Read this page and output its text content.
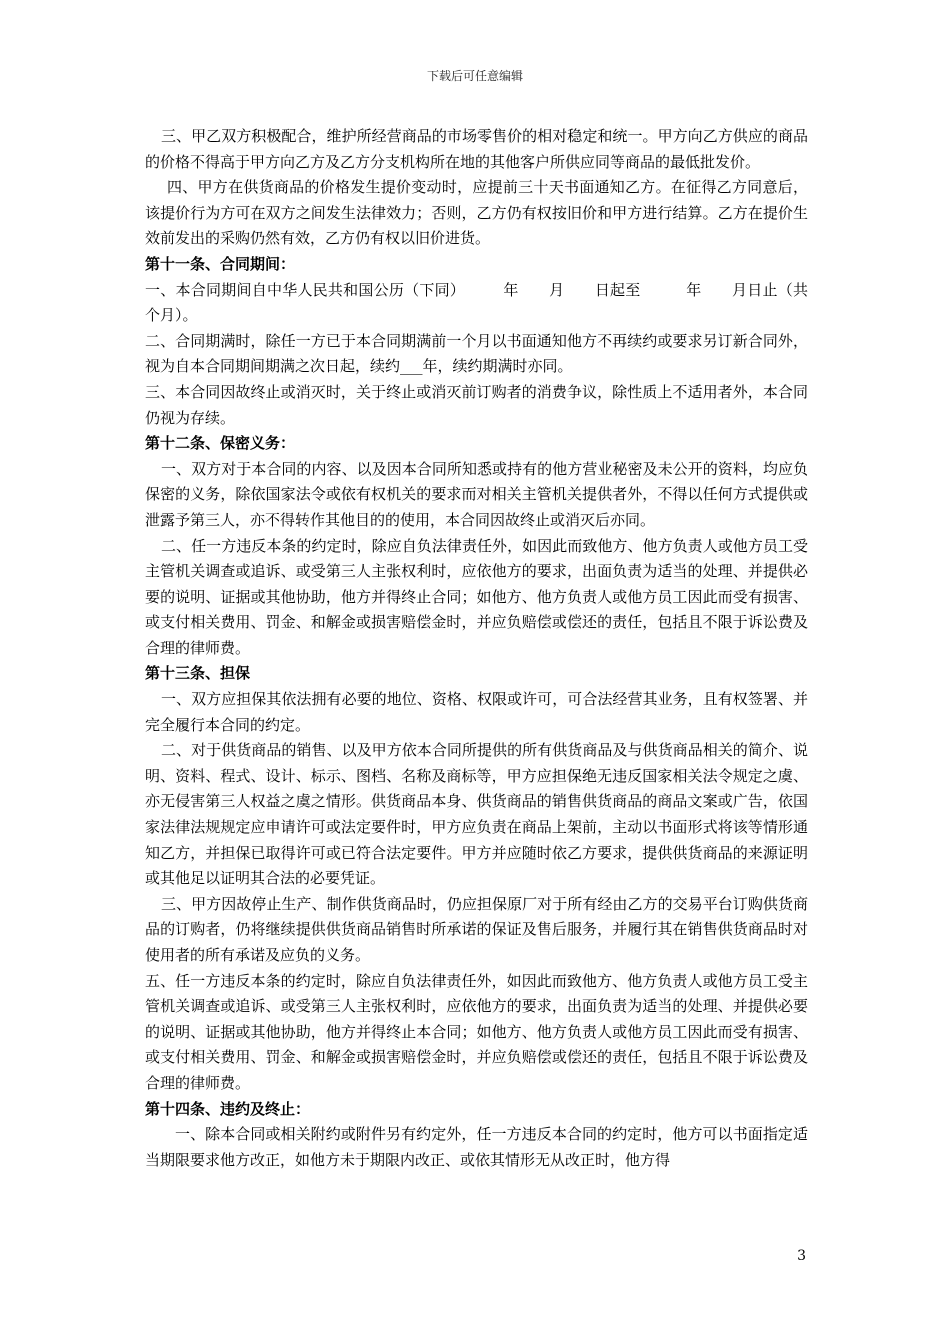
下载后可任意编辑

三、甲乙双方积极配合，维护所经营商品的市场零售价的相对稳定和统一。甲方向乙方供应的商品的价格不得高于甲方向乙方及乙方分支机构所在地的其他客户所供应同等商品的最低批发价。

四、甲方在供货商品的价格发生提价变动时，应提前三十天书面通知乙方。在征得乙方同意后，该提价行为方可在双方之间发生法律效力；否则，乙方仍有权按旧价和甲方进行结算。乙方在提价生效前发出的采购仍然有效，乙方仍有权以旧价进货。

第十一条、合同期间：

一、本合同期间自中华人民共和国公历（下同）　　　年　　月　　日起至　　　年　　月日止（共　个月）。

二、合同期满时，除任一方已于本合同期满前一个月以书面通知他方不再续约或要求另订新合同外，视为自本合同期间期满之次日起，续约___年，续约期满时亦同。

三、本合同因故终止或消灭时，关于终止或消灭前订购者的消费争议，除性质上不适用者外，本合同仍视为存续。

第十二条、保密义务：

一、双方对于本合同的内容、以及因本合同所知悉或持有的他方营业秘密及未公开的资料，均应负保密的义务，除依国家法令或依有权机关的要求而对相关主管机关提供者外，不得以任何方式提供或泄露予第三人，亦不得转作其他目的的使用，本合同因故终止或消灭后亦同。

二、任一方违反本条的约定时，除应自负法律责任外，如因此而致他方、他方负责人或他方员工受主管机关调查或追诉、或受第三人主张权利时，应依他方的要求，出面负责为适当的处理、并提供必要的说明、证据或其他协助，他方并得终止合同；如他方、他方负责人或他方员工因此而受有损害、或支付相关费用、罚金、和解金或损害赔偿金时，并应负赔偿或偿还的责任，包括且不限于诉讼费及合理的律师费。

第十三条、担保

一、双方应担保其依法拥有必要的地位、资格、权限或许可，可合法经营其业务，且有权签署、并完全履行本合同的约定。

二、对于供货商品的销售、以及甲方依本合同所提供的所有供货商品及与供货商品相关的简介、说明、资料、程式、设计、标示、图档、名称及商标等，甲方应担保绝无违反国家相关法令规定之虞、亦无侵害第三人权益之虞之情形。供货商品本身、供货商品的销售供货商品的商品文案或广告，依国家法律法规规定应申请许可或法定要件时，甲方应负责在商品上架前，主动以书面形式将该等情形通知乙方，并担保已取得许可或已符合法定要件。甲方并应随时依乙方要求，提供供货商品的来源证明或其他足以证明其合法的必要凭证。

三、甲方因故停止生产、制作供货商品时，仍应担保原厂对于所有经由乙方的交易平台订购供货商品的订购者，仍将继续提供供货商品销售时所承诺的保证及售后服务，并履行其在销售供货商品时对使用者的所有承诺及应负的义务。

五、任一方违反本条的约定时，除应自负法律责任外，如因此而致他方、他方负责人或他方员工受主管机关调查或追诉、或受第三人主张权利时，应依他方的要求，出面负责为适当的处理、并提供必要的说明、证据或其他协助，他方并得终止本合同；如他方、他方负责人或他方员工因此而受有损害、或支付相关费用、罚金、和解金或损害赔偿金时，并应负赔偿或偿还的责任，包括且不限于诉讼费及合理的律师费。

第十四条、违约及终止：

一、除本合同或相关附约或附件另有约定外，任一方违反本合同的约定时，他方可以书面指定适当期限要求他方改正，如他方未于期限内改正、或依其情形无从改正时，他方得

3
